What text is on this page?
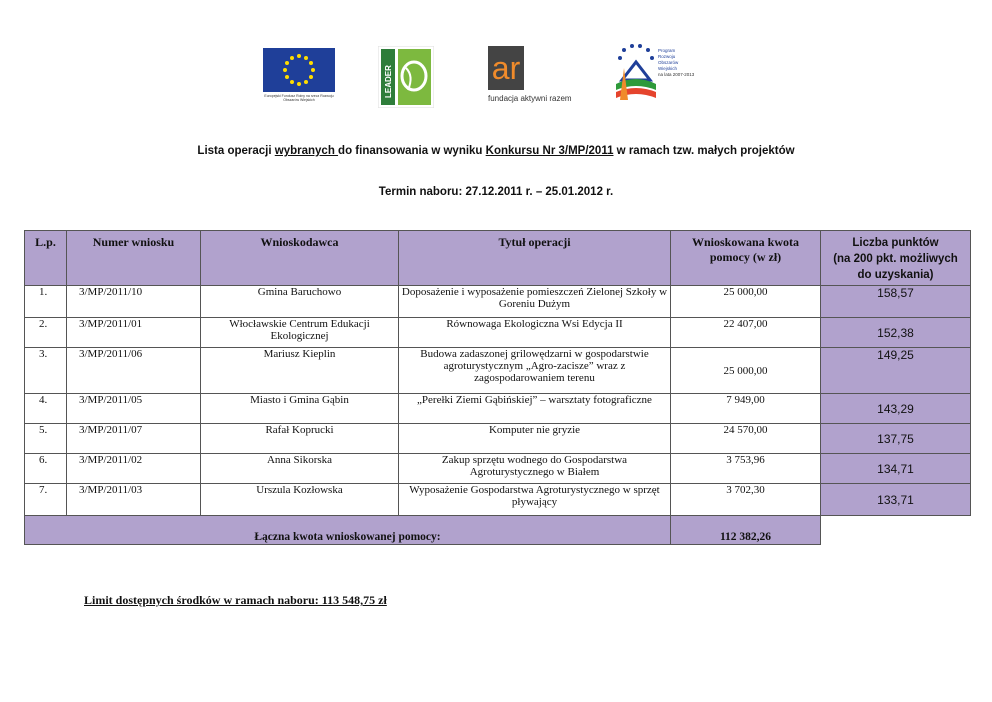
Europejski Fundusz Rolny na rzecz Rozwoju Obszarów Wiejskich
LEADER	ar
fundacja aktywni razem
Program
Rozwoju
Obszarów
Wiejskich
na lata 2007-2013
Lista operacji wybranych do finansowania w wyniku Konkursu Nr 3/MP/2011 w ramach tzw. małych projektów
Termin naboru: 27.12.2011 r. – 25.01.2012 r.
L.p.	Numer wniosku	Wnioskodawca	Tytuł operacji	Wnioskowana kwota pomocy (w zł)	Liczba punktów
(na 200 pkt. możliwych
do uzyskania)

1.	3/MP/2011/10	Gmina Baruchowo	Doposażenie i wyposażenie pomieszczeń Zielonej Szkoły w Goreniu Dużym	25 000,00	158,57
2.	3/MP/2011/01	Włocławskie Centrum Edukacji Ekologicznej	Równowaga Ekologiczna Wsi Edycja II	22 407,00	152,38
3.	3/MP/2011/06	Mariusz Kieplin	Budowa zadaszonej grilowędzarni w gospodarstwie agroturystycznym „Agro-zacisze” wraz z zagospodarowaniem terenu	25 000,00	149,25
4.	3/MP/2011/05	Miasto i Gmina Gąbin	„Perełki Ziemi Gąbińskiej” – warsztaty fotograficzne	7 949,00	143,29
5.	3/MP/2011/07	Rafał Koprucki	Komputer nie gryzie	24 570,00	137,75
6.	3/MP/2011/02	Anna Sikorska	Zakup sprzętu wodnego do Gospodarstwa Agroturystycznego w Białem	3 753,96	134,71
7.	3/MP/2011/03	Urszula Kozłowska	Wyposażenie Gospodarstwa Agroturystycznego w sprzęt pływający	3 702,30	133,71
Łączna kwota wnioskowanej pomocy:				112 382,26	
Limit dostępnych środków w ramach naboru: 113 548,75 zł
